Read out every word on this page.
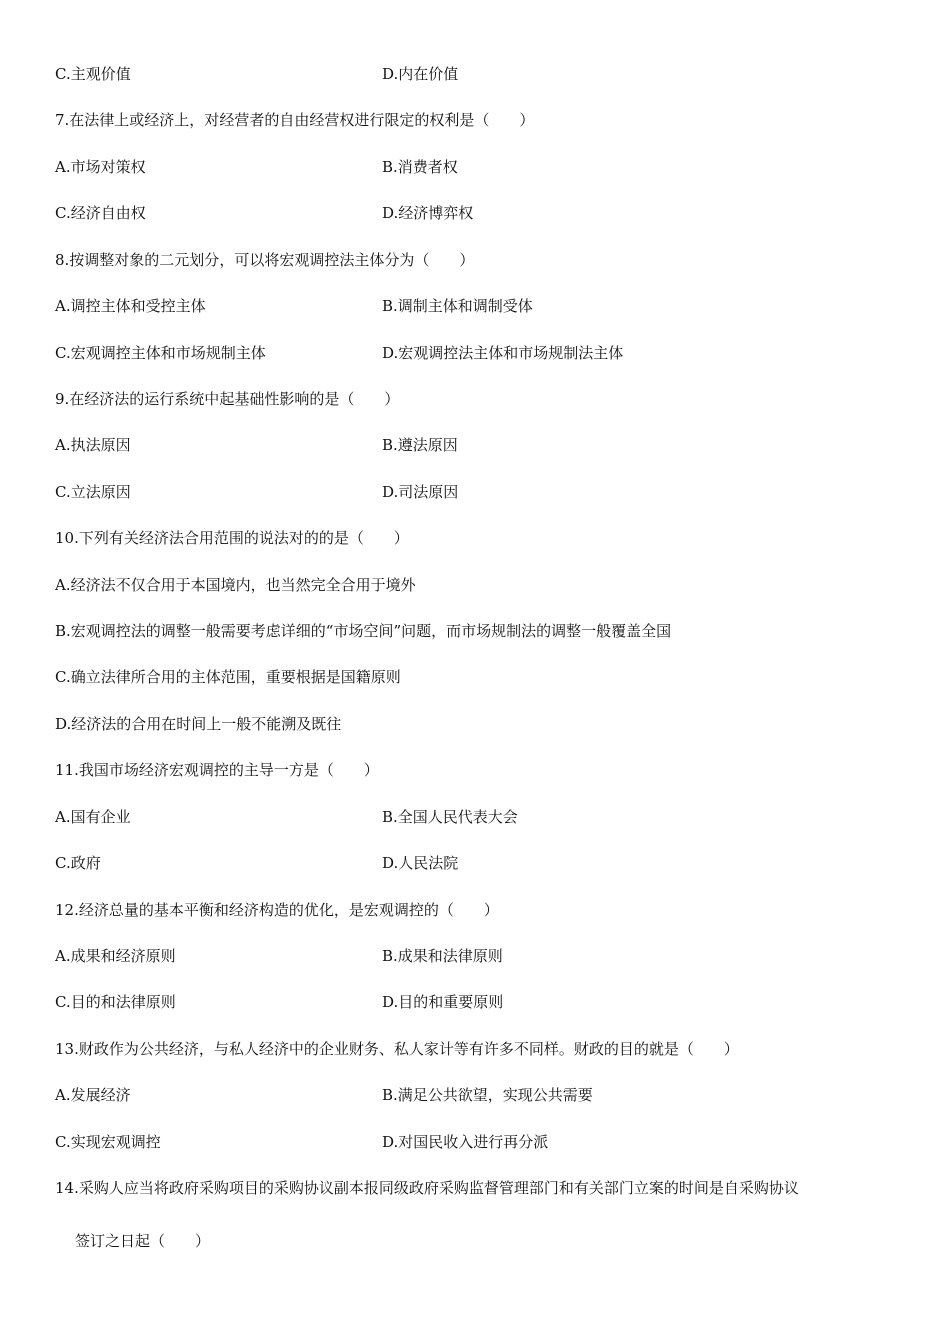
C.主观价值	D.内在价值
7.在法律上或经济上，对经营者的自由经营权进行限定的权利是（　　）
A.市场对策权	B.消费者权
C.经济自由权	D.经济博弈权
8.按调整对象的二元划分，可以将宏观调控法主体分为（　　）
A.调控主体和受控主体	B.调制主体和调制受体
C.宏观调控主体和市场规制主体	D.宏观调控法主体和市场规制法主体
9.在经济法的运行系统中起基础性影响的是（　　）
A.执法原因	B.遵法原因
C.立法原因	D.司法原因
10.下列有关经济法合用范围的说法对的的是（　　）
A.经济法不仅合用于本国境内，也当然完全合用于境外
B.宏观调控法的调整一般需要考虑详细的“市场空间”问题，而市场规制法的调整一般覆盖全国
C.确立法律所合用的主体范围，重要根据是国籍原则
D.经济法的合用在时间上一般不能溯及既往
11.我国市场经济宏观调控的主导一方是（　　）
A.国有企业	B.全国人民代表大会
C.政府	D.人民法院
12.经济总量的基本平衡和经济构造的优化，是宏观调控的（　　）
A.成果和经济原则	B.成果和法律原则
C.目的和法律原则	D.目的和重要原则
13.财政作为公共经济，与私人经济中的企业财务、私人家计等有许多不同样。财政的目的就是（　　）
A.发展经济	B.满足公共欲望，实现公共需要
C.实现宏观调控	D.对国民收入进行再分派
14.采购人应当将政府采购项目的采购协议副本报同级政府采购监督管理部门和有关部门立案的时间是自采购协议
签订之日起（　　）
